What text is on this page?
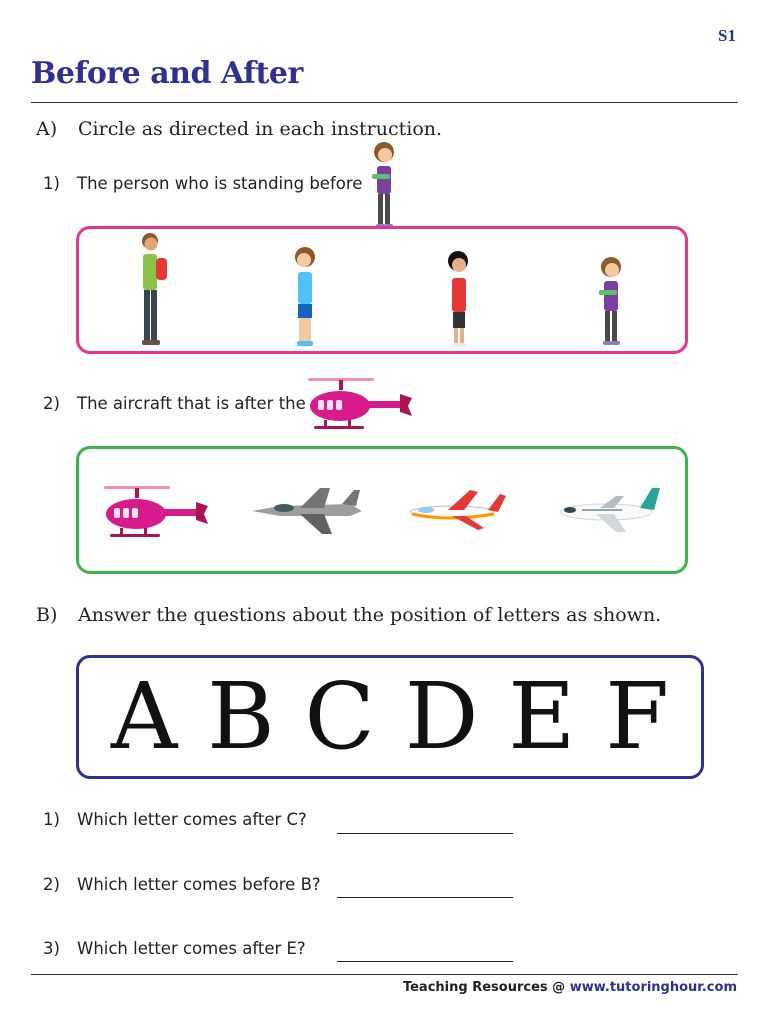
S1
Before and After
A) Circle as directed in each instruction.
1) The person who is standing before
2) The aircraft that is after the
B) Answer the questions about the position of letters as shown.
A B C D E F
1) Which letter comes after C?
2) Which letter comes before B?
3) Which letter comes after E?
Teaching Resources @ www.tutoringhour.com
